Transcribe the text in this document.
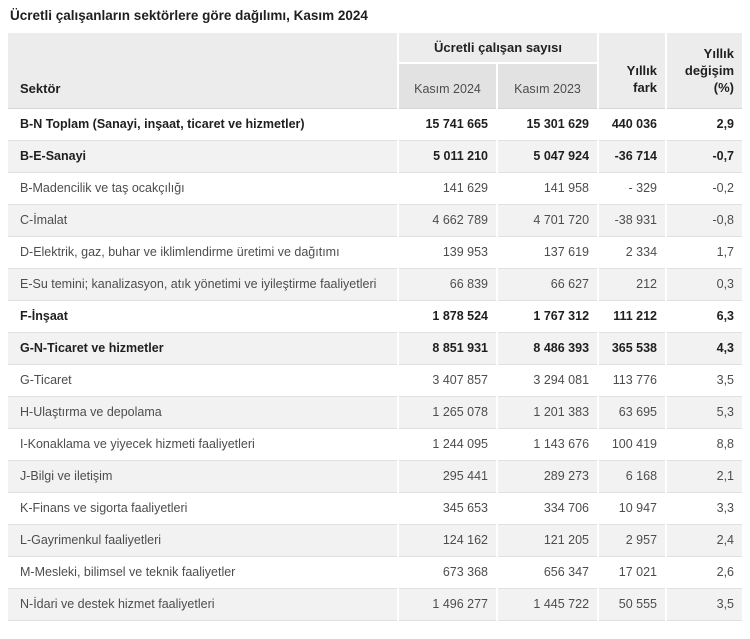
Ücretli çalışanların sektörlere göre dağılımı, Kasım 2024
Sektör	Ücretli çalışan sayısı		Yıllık fark	Yıllık değişim (%)
	Kasım 2024	Kasım 2023		
B-N Toplam (Sanayi, inşaat, ticaret ve hizmetler)	15 741 665	15 301 629	440 036	2,9
B-E-Sanayi	5 011 210	5 047 924	-36 714	-0,7
B-Madencilik ve taş ocakçılığı	141 629	141 958	- 329	-0,2
C-İmalat	4 662 789	4 701 720	-38 931	-0,8
D-Elektrik, gaz, buhar ve iklimlendirme üretimi ve dağıtımı	139 953	137 619	2 334	1,7
E-Su temini; kanalizasyon, atık yönetimi ve iyileştirme faaliyetleri	66 839	66 627	212	0,3
F-İnşaat	1 878 524	1 767 312	111 212	6,3
G-N-Ticaret ve hizmetler	8 851 931	8 486 393	365 538	4,3
G-Ticaret	3 407 857	3 294 081	113 776	3,5
H-Ulaştırma ve depolama	1 265 078	1 201 383	63 695	5,3
I-Konaklama ve yiyecek hizmeti faaliyetleri	1 244 095	1 143 676	100 419	8,8
J-Bilgi ve iletişim	295 441	289 273	6 168	2,1
K-Finans ve sigorta faaliyetleri	345 653	334 706	10 947	3,3
L-Gayrimenkul faaliyetleri	124 162	121 205	2 957	2,4
M-Mesleki, bilimsel ve teknik faaliyetler	673 368	656 347	17 021	2,6
N-İdari ve destek hizmet faaliyetleri	1 496 277	1 445 722	50 555	3,5
